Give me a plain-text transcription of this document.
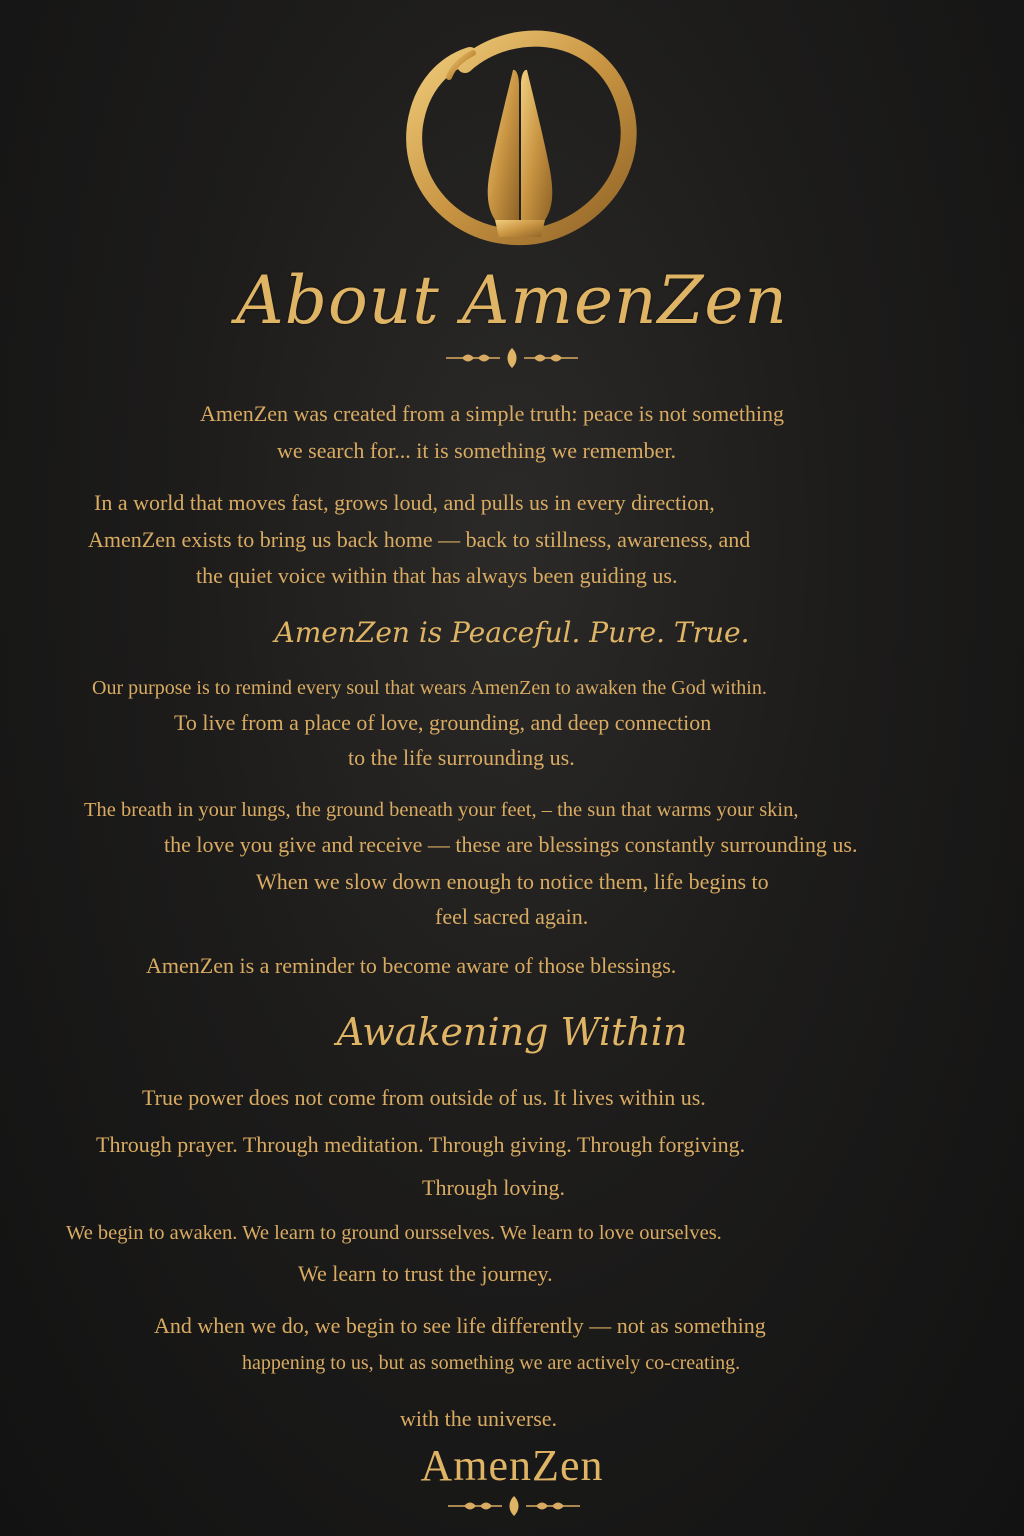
About AmenZen
AmenZen was created from a simple truth: peace is not something
we search for... it is something we remember.
In a world that moves fast, grows loud, and pulls us in every direction,
AmenZen exists to bring us back home — back to stillness, awareness, and
the quiet voice within that has always been guiding us.
AmenZen is Peaceful. Pure. True.
Our purpose is to remind every soul that wears AmenZen to awaken the God within.
To live from a place of love, grounding, and deep connection
to the life surrounding us.
The breath in your lungs, the ground beneath your feet, – the sun that warms your skin,
the love you give and receive — these are blessings constantly surrounding us.
When we slow down enough to notice them, life begins to
feel sacred again.
AmenZen is a reminder to become aware of those blessings.
Awakening Within
True power does not come from outside of us. It lives within us.
Through prayer. Through meditation. Through giving. Through forgiving.
Through loving.
We begin to awaken. We learn to ground oursselves. We learn to love ourselves.
We learn to trust the journey.
And when we do, we begin to see life differently — not as something
happening to us, but as something we are actively co-creating.
with the universe.
AmenZen
